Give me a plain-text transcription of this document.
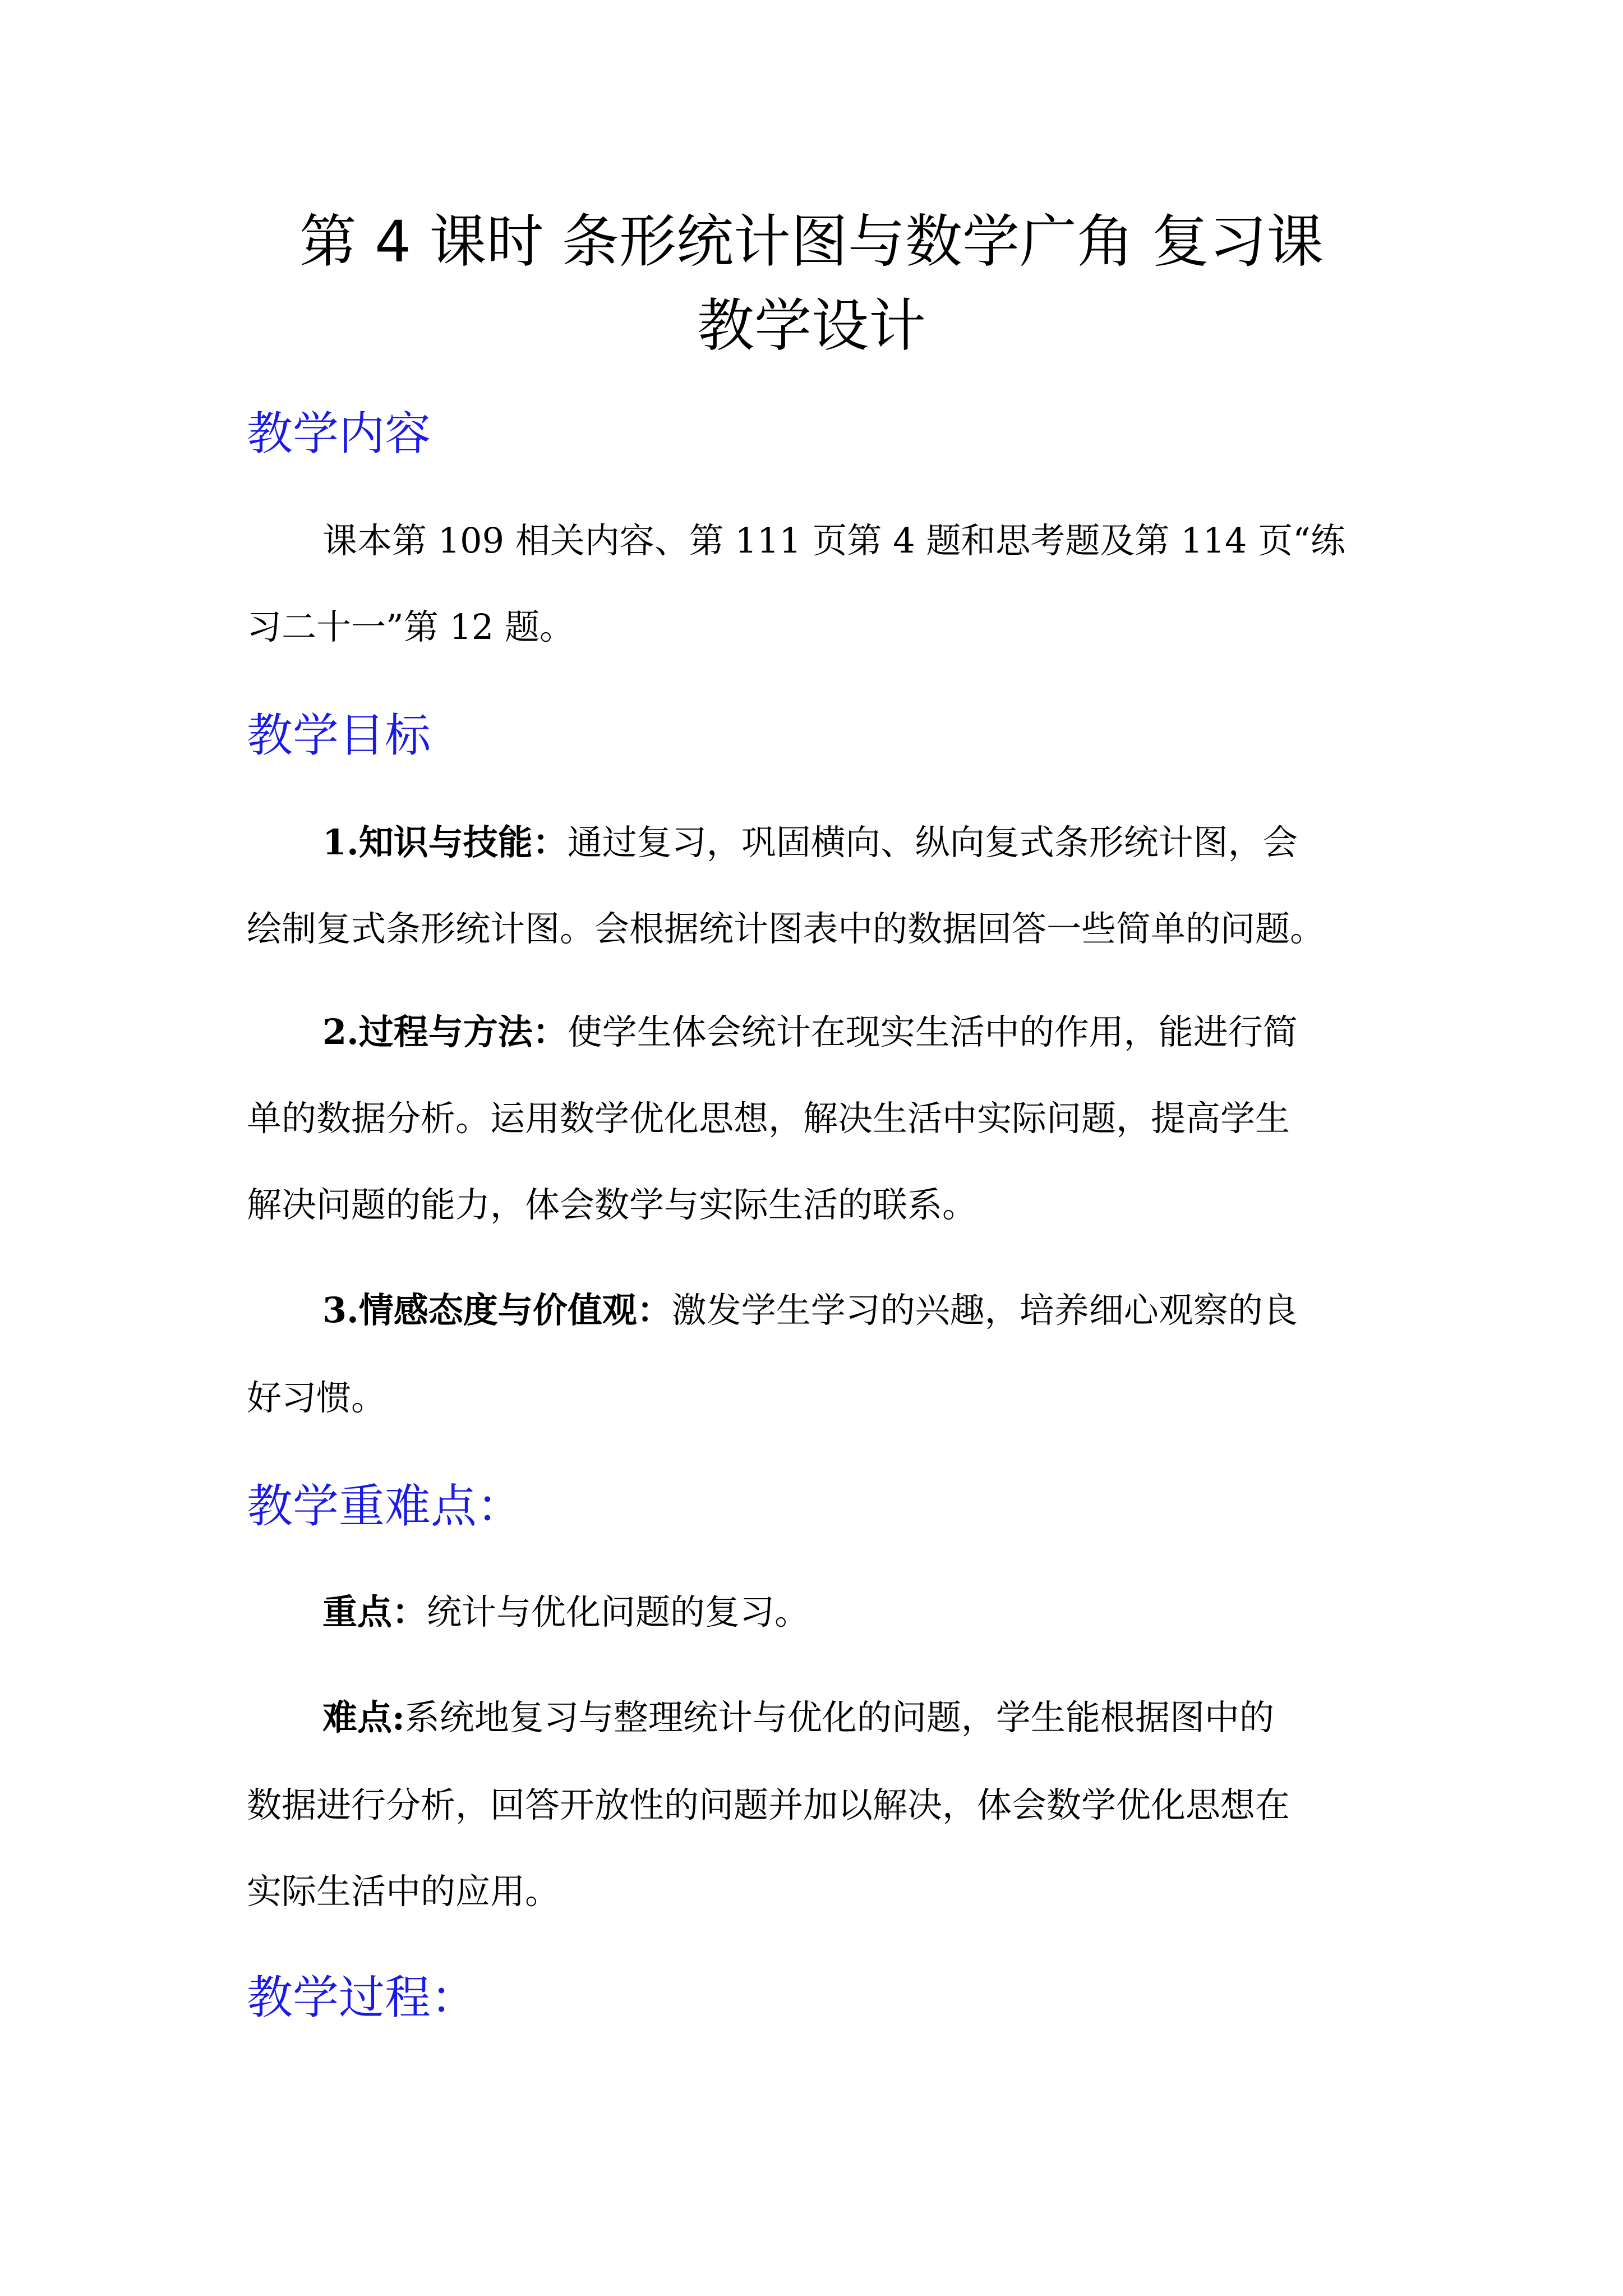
第 4 课时 条形统计图与数学广角 复习课
教学设计
教学内容
课本第 109 相关内容、第 111 页第 4 题和思考题及第 114 页“练
习二十一”第 12 题。
教学目标
1.知识与技能：通过复习，巩固横向、纵向复式条形统计图，会
绘制复式条形统计图。会根据统计图表中的数据回答一些简单的问题。
2.过程与方法：使学生体会统计在现实生活中的作用，能进行简
单的数据分析。运用数学优化思想，解决生活中实际问题，提高学生
解决问题的能力，体会数学与实际生活的联系。
3.情感态度与价值观：激发学生学习的兴趣，培养细心观察的良
好习惯。
教学重难点：
重点：统计与优化问题的复习。
难点:系统地复习与整理统计与优化的问题，学生能根据图中的
数据进行分析，回答开放性的问题并加以解决，体会数学优化思想在
实际生活中的应用。
教学过程：
